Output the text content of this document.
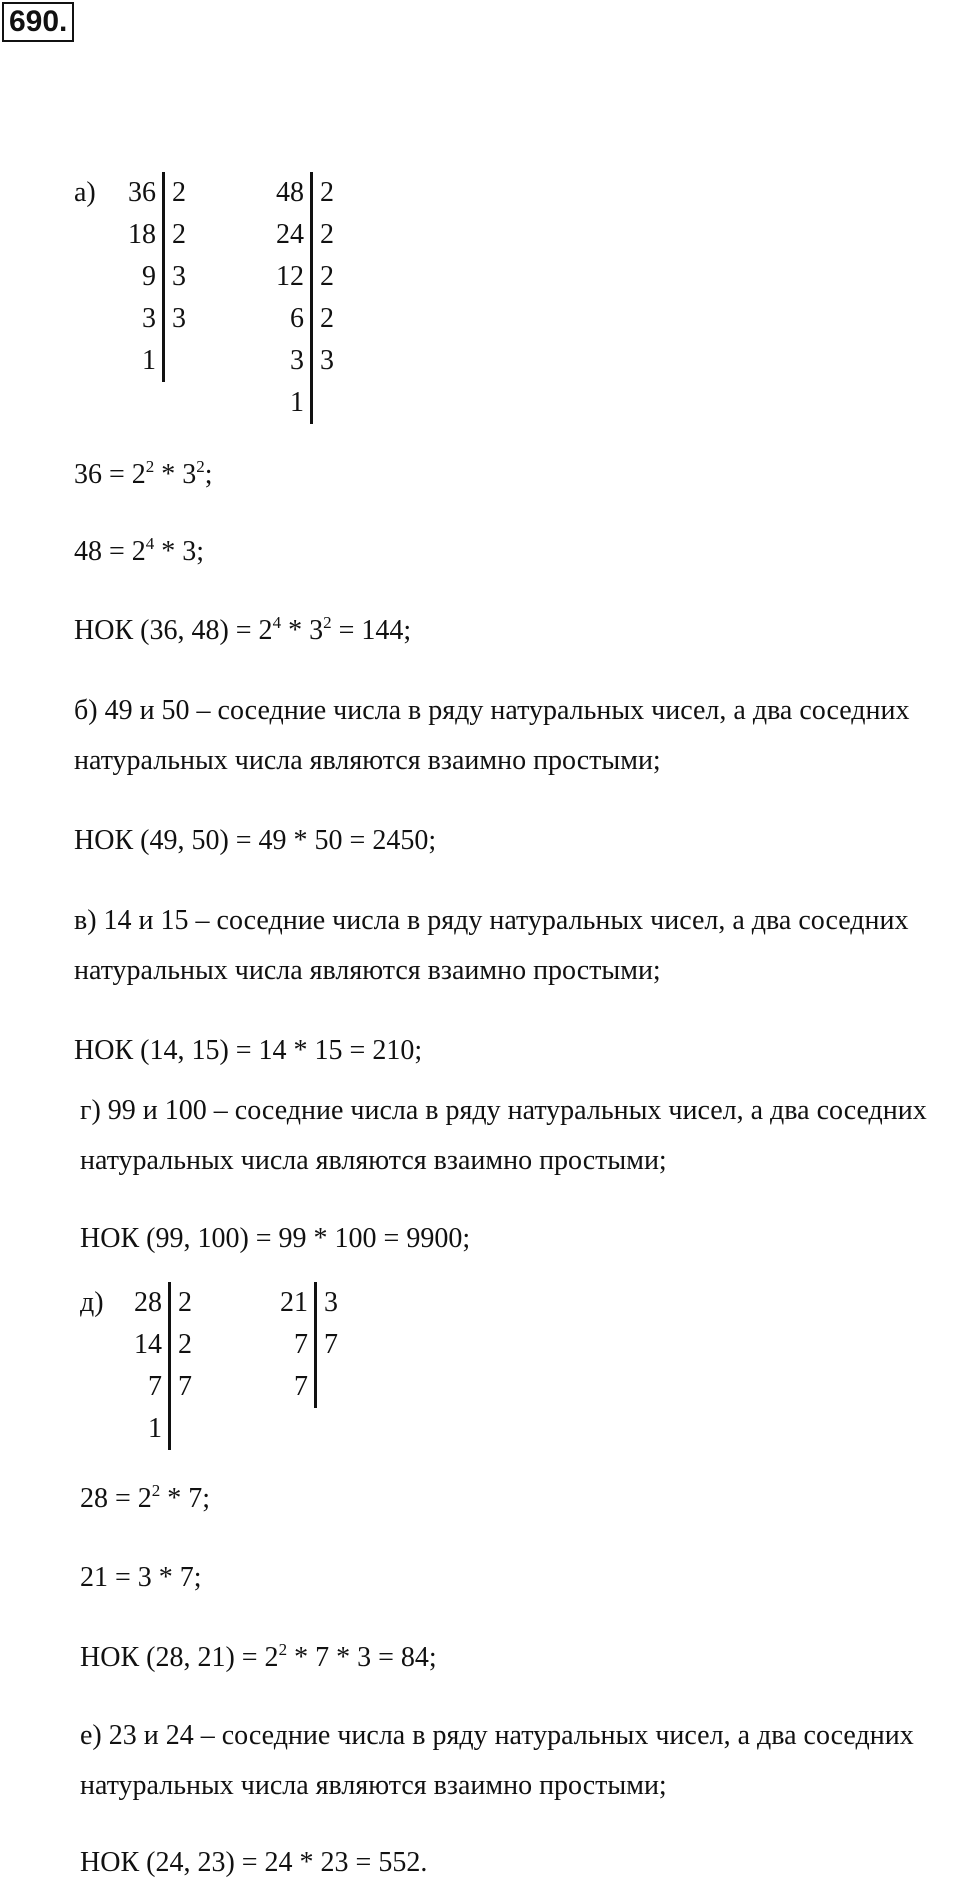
690.
а)	36 2
18 2
9 3
3 3
1
48 2
24 2
12 2
6 2
3 3
1
$36 = 2^2 * 3^2$;
$48 = 2^4 * 3$;
НОК (36, $48) = 2^4 * 3^2 = 144$;
б) 49 и 50 – соседние числа в ряду натуральных чисел, а два соседних
натуральных числа являются взаимно простыми;
НОК (49, 50) = 49 * 50 = 2450;
в) 14 и 15 – соседние числа в ряду натуральных чисел, а два соседних
натуральных числа являются взаимно простыми;
НОК (14, 15) = 14 * 15 = 210;
г) 99 и 100 – соседние числа в ряду натуральных чисел, а два соседних
натуральных числа являются взаимно простыми;
НОК (99, 100) = 99 * 100 = 9900;
д)	28 2
14 2
7 7
1
21 3
7 7
7
$28 = 2^2 * 7$;
21 = 3 * 7;
НОК (28, $21) = 2^2 * 7 * 3 = 84$;
е) 23 и 24 – соседние числа в ряду натуральных чисел, а два соседних
натуральных числа являются взаимно простыми;
НОК (24, 23) = 24 * 23 = 552.
